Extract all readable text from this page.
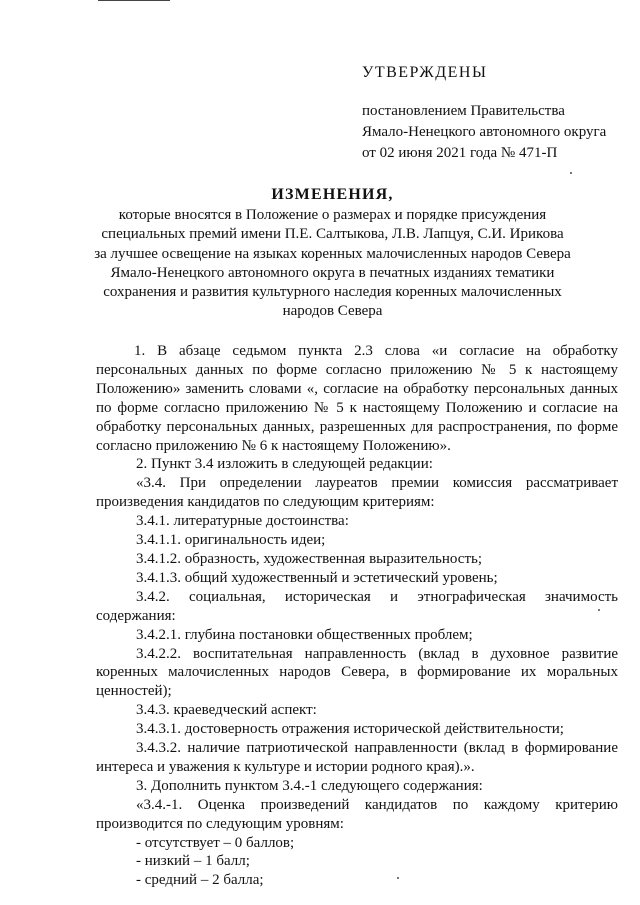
УТВЕРЖДЕНЫ
постановлением Правительства
Ямало-Ненецкого автономного округа
от 02 июня 2021 года № 471-П
ИЗМЕНЕНИЯ,
которые вносятся в Положение о размерах и порядке присуждения
специальных премий имени П.Е. Салтыкова, Л.В. Лапцуя, С.И. Ирикова
за лучшее освещение на языках коренных малочисленных народов Севера
Ямало-Ненецкого автономного округа в печатных изданиях тематики
сохранения и развития культурного наследия коренных малочисленных
народов Севера

1. В абзаце седьмом пункта 2.3 слова «и согласие на обработку

персональных данных по форме согласно приложению № 5 к настоящему

Положению» заменить словами «, согласие на обработку персональных данных

по форме согласно приложению № 5 к настоящему Положению и согласие на

обработку персональных данных, разрешенных для распространения, по форме

согласно приложению № 6 к настоящему Положению».

2. Пункт 3.4 изложить в следующей редакции:

«3.4. При определении лауреатов премии комиссия рассматривает

произведения кандидатов по следующим критериям:

3.4.1. литературные достоинства:

3.4.1.1. оригинальность идеи;

3.4.1.2. образность, художественная выразительность;

3.4.1.3. общий художественный и эстетический уровень;

3.4.2. социальная, историческая и этнографическая значимость

содержания:

3.4.2.1. глубина постановки общественных проблем;

3.4.2.2. воспитательная направленность (вклад в духовное развитие

коренных малочисленных народов Севера, в формирование их моральных

ценностей);

3.4.3. краеведческий аспект:

3.4.3.1. достоверность отражения исторической действительности;

3.4.3.2. наличие патриотической направленности (вклад в формирование

интереса и уважения к культуре и истории родного края).».

3. Дополнить пунктом 3.4.-1 следующего содержания:

«3.4.-1. Оценка произведений кандидатов по каждому критерию

производится по следующим уровням:

- отсутствует – 0 баллов;

- низкий – 1 балл;

- средний – 2 балла;
